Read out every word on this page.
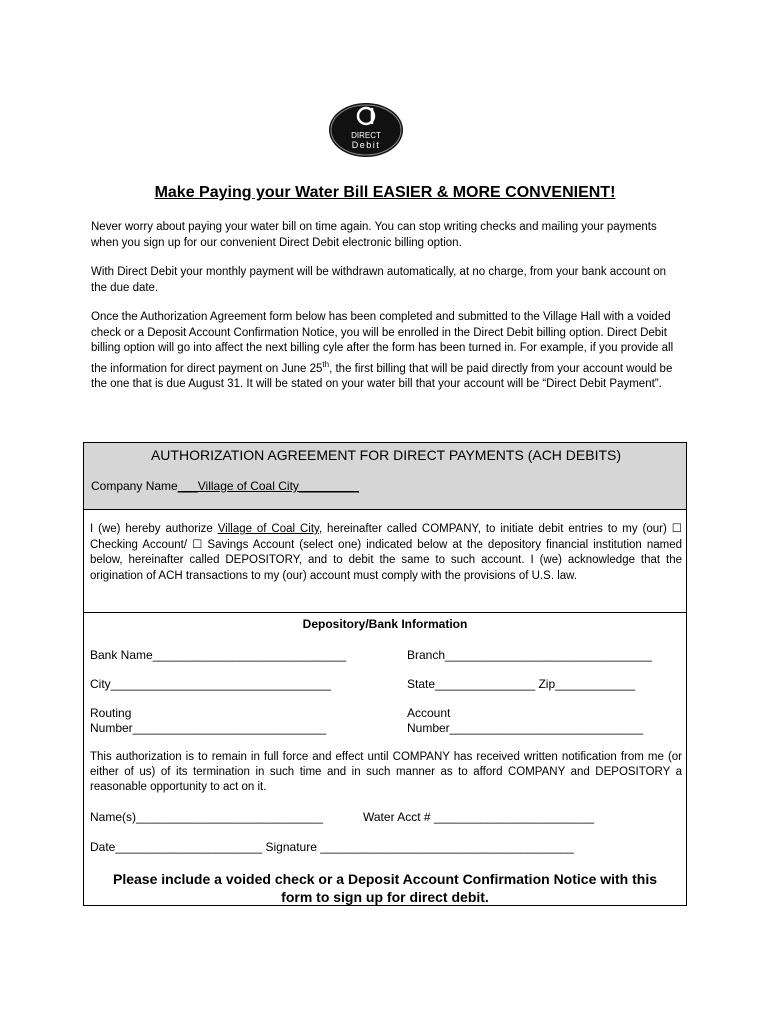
DIRECT
Debit
Make Paying your Water Bill EASIER & MORE CONVENIENT!

Never worry about paying your water bill on time again. You can stop writing checks and mailing your payments when you sign up for our convenient Direct Debit electronic billing option.

With Direct Debit your monthly payment will be withdrawn automatically, at no charge, from your bank account on the due date.

Once the Authorization Agreement form below has been completed and submitted to the Village Hall with a voided check or a Deposit Account Confirmation Notice, you will be enrolled in the Direct Debit billing option. Direct Debit billing option will go into affect the next billing cyle after the form has been turned in. For example, if you provide all the information for direct payment on June 25th, the first billing that will be paid directly from your account would be the one that is due August 31. It will be stated on your water bill that your account will be “Direct Debit Payment”.

AUTHORIZATION AGREEMENT FOR DIRECT PAYMENTS (ACH DEBITS)
Company Name___Village of Coal City_________

I (we) hereby authorize Village of Coal City, hereinafter called COMPANY, to initiate debit entries to my (our) ☐ Checking Account/ ☐ Savings Account (select one) indicated below at the depository financial institution named below, hereinafter called DEPOSITORY, and to debit the same to such account. I (we) acknowledge that the origination of ACH transactions to my (our) account must comply with the provisions of U.S. law.

Depository/Bank Information
Bank Name_____________________________	Branch_______________________________
City_________________________________	State_______________ Zip____________
Routing
Number_____________________________
Account
Number_____________________________

This authorization is to remain in full force and effect until COMPANY has received written notification from me (or either of us) of its termination in such time and in such manner as to afford COMPANY and DEPOSITORY a reasonable opportunity to act on it.

Name(s)____________________________	Water Acct # ________________________
Date______________________ Signature ______________________________________
Please include a voided check or a Deposit Account Confirmation Notice with this
form to sign up for direct debit.
